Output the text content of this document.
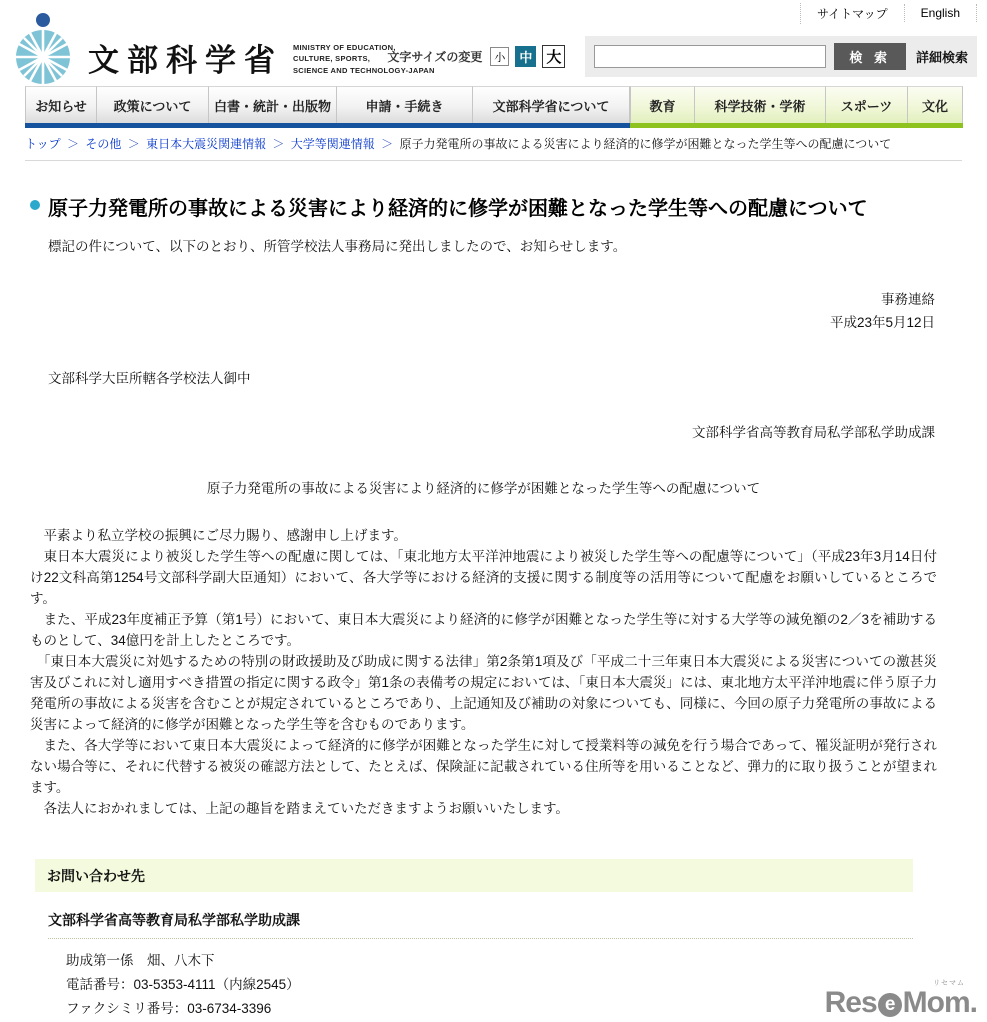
サイトマップ	English
文部科学省 MINISTRY OF EDUCATION,
CULTURE, SPORTS,
SCIENCE AND TECHNOLOGY-JAPAN
文字サイズの変更	小	中 大	検 索	詳細検索
お知らせ	政策について	白書・統計・出版物	申請・手続き	文部科学省について	教育	科学技術・学術	スポーツ	文化
トップ ＞ その他 ＞ 東日本大震災関連情報 ＞ 大学等関連情報 ＞ 原子力発電所の事故による災害により経済的に修学が困難となった学生等への配慮について
原子力発電所の事故による災害により経済的に修学が困難となった学生等への配慮について

標記の件について、以下のとおり、所管学校法人事務局に発出しましたので、お知らせします。

事務連絡
平成23年5月12日

文部科学大臣所轄各学校法人御中

文部科学省高等教育局私学部私学助成課

原子力発電所の事故による災害により経済的に修学が困難となった学生等への配慮について

　平素より私立学校の振興にご尽力賜り、感謝申し上げます。

　東日本大震災により被災した学生等への配慮に関しては、「東北地方太平洋沖地震により被災した学生等への配慮等について」（平成23年3月14日付け22文科高第1254号文部科学副大臣通知）において、各大学等における経済的支援に関する制度等の活用等について配慮をお願いしているところです。

　また、平成23年度補正予算（第1号）において、東日本大震災により経済的に修学が困難となった学生等に対する大学等の減免額の2／3を補助するものとして、34億円を計上したところです。

　「東日本大震災に対処するための特別の財政援助及び助成に関する法律」第2条第1項及び「平成二十三年東日本大震災による災害についての激甚災害及びこれに対し適用すべき措置の指定に関する政令」第1条の表備考の規定においては、「東日本大震災」には、東北地方太平洋沖地震に伴う原子力発電所の事故による災害を含むことが規定されているところであり、上記通知及び補助の対象についても、同様に、今回の原子力発電所の事故による災害によって経済的に修学が困難となった学生等を含むものであります。

　また、各大学等において東日本大震災によって経済的に修学が困難となった学生に対して授業料等の減免を行う場合であって、罹災証明が発行されない場合等に、それに代替する被災の確認方法として、たとえば、保険証に記載されている住所等を用いることなど、弾力的に取り扱うことが望まれます。

　各法人におかれましては、上記の趣旨を踏まえていただきますようお願いいたします。

お問い合わせ先
文部科学省高等教育局私学部私学助成課
助成第一係　畑、八木下
電話番号：03-5353-4111（内線2545）
ファクシミリ番号：03-6734-3396
リセマム
Res e Mom.
